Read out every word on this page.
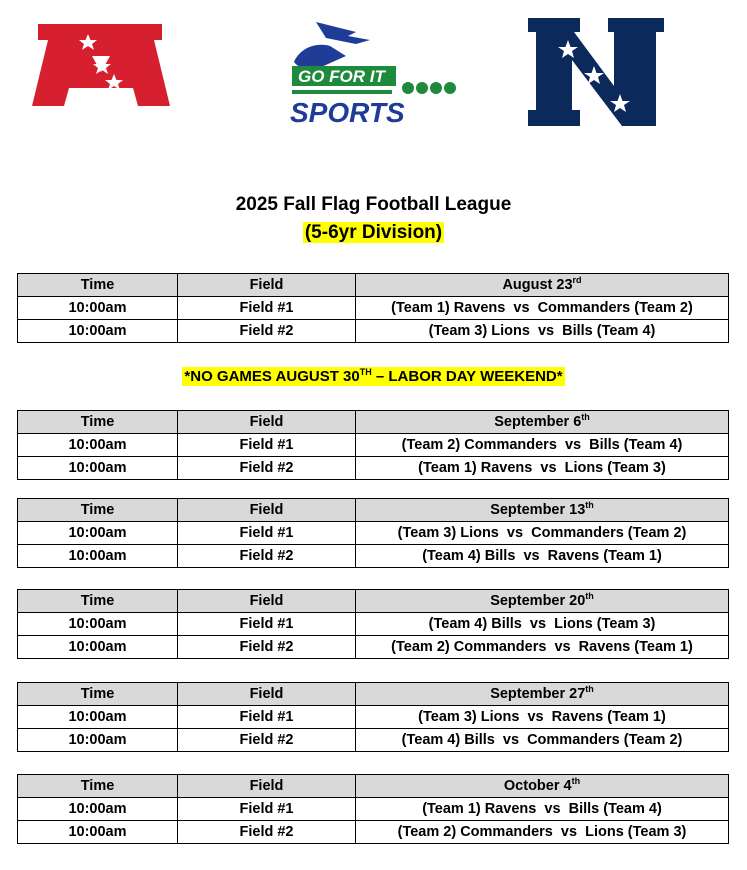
GO FOR IT
SPORTS
2025 Fall Flag Football League
(5-6yr Division)
*NO GAMES AUGUST 30TH – LABOR DAY WEEKEND*
Time	Field	August 23rd
10:00am	Field #1	(Team 1) Ravens  vs  Commanders (Team 2)
10:00am	Field #2	(Team 3) Lions  vs  Bills (Team 4)
Time	Field	September 6th
10:00am	Field #1	(Team 2) Commanders  vs  Bills (Team 4)
10:00am	Field #2	(Team 1) Ravens  vs  Lions (Team 3)
Time	Field	September 13th
10:00am	Field #1	(Team 3) Lions  vs  Commanders (Team 2)
10:00am	Field #2	(Team 4) Bills  vs  Ravens (Team 1)
Time	Field	September 20th
10:00am	Field #1	(Team 4) Bills  vs  Lions (Team 3)
10:00am	Field #2	(Team 2) Commanders  vs  Ravens (Team 1)
Time	Field	September 27th
10:00am	Field #1	(Team 3) Lions  vs  Ravens (Team 1)
10:00am	Field #2	(Team 4) Bills  vs  Commanders (Team 2)
Time	Field	October 4th
10:00am	Field #1	(Team 1) Ravens  vs  Bills (Team 4)
10:00am	Field #2	(Team 2) Commanders  vs  Lions (Team 3)
